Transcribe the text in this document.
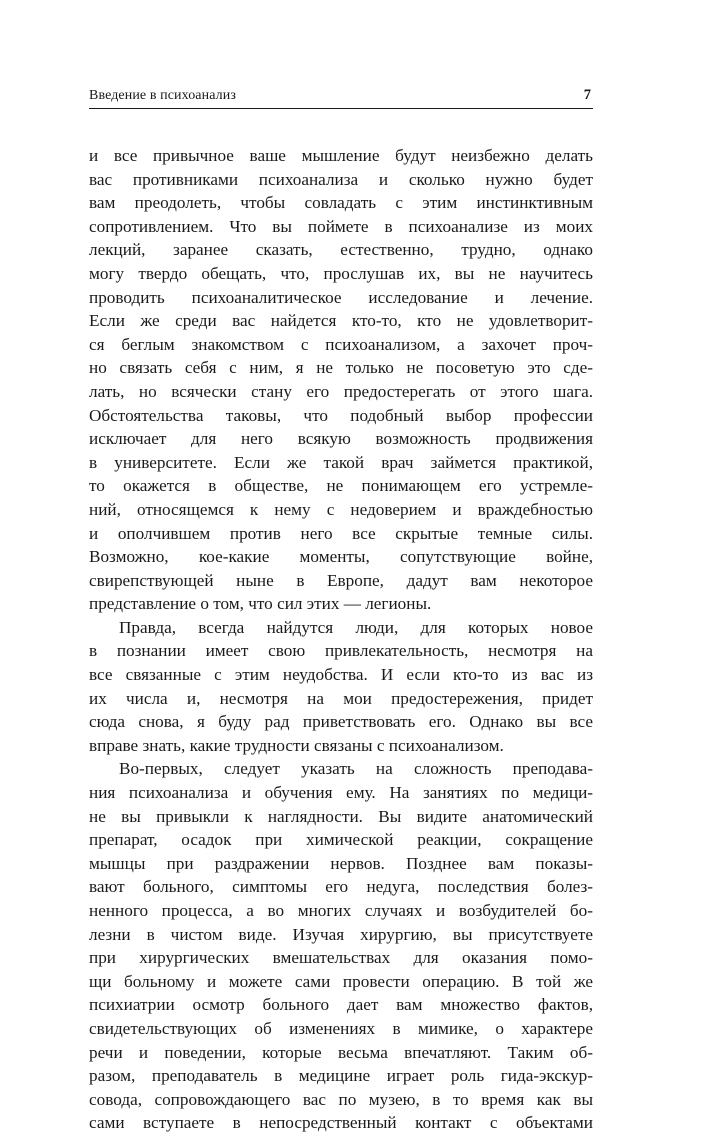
Введение в психоанализ	7
и все привычное ваше мышление будут неизбежно делать
вас противниками психоанализа и сколько нужно будет
вам преодолеть, чтобы совладать с этим инстинктивным
сопротивлением. Что вы поймете в психоанализе из моих
лекций, заранее сказать, естественно, трудно, однако
могу твердо обещать, что, прослушав их, вы не научитесь
проводить психоаналитическое исследование и лечение.
Если же среди вас найдется кто-то, кто не удовлетворит-
ся беглым знакомством с психоанализом, а захочет проч-
но связать себя с ним, я не только не посоветую это сде-
лать, но всячески стану его предостерегать от этого шага.
Обстоятельства таковы, что подобный выбор профессии
исключает для него всякую возможность продвижения
в университете. Если же такой врач займется практикой,
то окажется в обществе, не понимающем его устремле-
ний, относящемся к нему с недоверием и враждебностью
и ополчившем против него все скрытые темные силы.
Возможно, кое-какие моменты, сопутствующие войне,
свирепствующей ныне в Европе, дадут вам некоторое
представление о том, что сил этих — легионы.
Правда, всегда найдутся люди, для которых новое
в познании имеет свою привлекательность, несмотря на
все связанные с этим неудобства. И если кто-то из вас из
их числа и, несмотря на мои предостережения, придет
сюда снова, я буду рад приветствовать его. Однако вы все
вправе знать, какие трудности связаны с психоанализом.
Во-первых, следует указать на сложность преподава-
ния психоанализа и обучения ему. На занятиях по медици-
не вы привыкли к наглядности. Вы видите анатомический
препарат, осадок при химической реакции, сокращение
мышцы при раздражении нервов. Позднее вам показы-
вают больного, симптомы его недуга, последствия болез-
ненного процесса, а во многих случаях и возбудителей бо-
лезни в чистом виде. Изучая хирургию, вы присутствуете
при хирургических вмешательствах для оказания помо-
щи больному и можете сами провести операцию. В той же
психиатрии осмотр больного дает вам множество фактов,
свидетельствующих об изменениях в мимике, о характере
речи и поведении, которые весьма впечатляют. Таким об-
разом, преподаватель в медицине играет роль гида-экскур-
совода, сопровождающего вас по музею, в то время как вы
сами вступаете в непосредственный контакт с объектами
